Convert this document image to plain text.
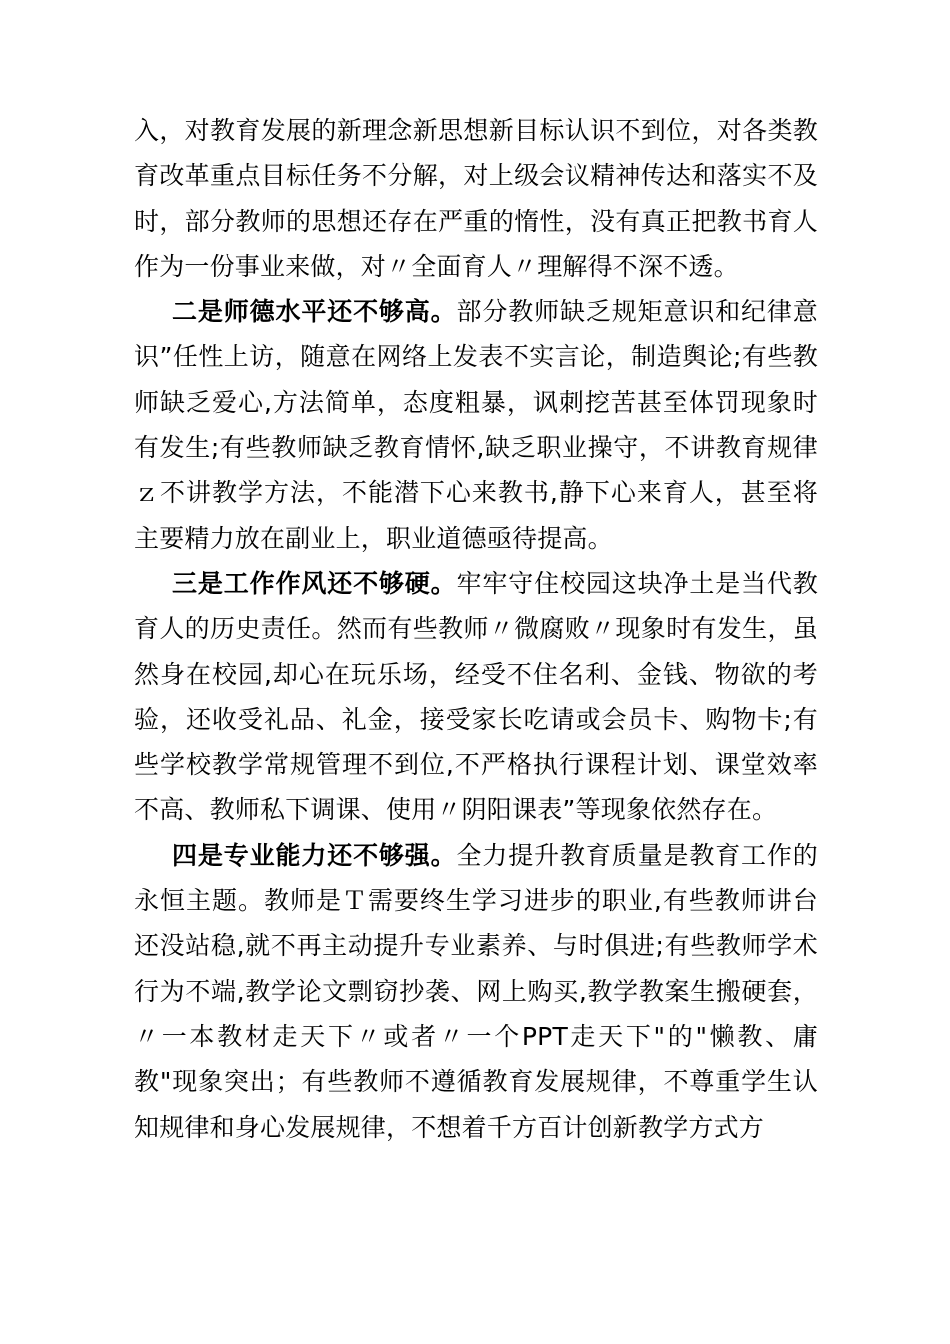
入，对教育发展的新理念新思想新目标认识不到位，对各类教育改革重点目标任务不分解，对上级会议精神传达和落实不及时，部分教师的思想还存在严重的惰性，没有真正把教书育人作为一份事业来做，对〃全面育人〃理解得不深不透。

二是师德水平还不够高。部分教师缺乏规矩意识和纪律意识”任性上访，随意在网络上发表不实言论，制造舆论;有些教师缺乏爱心,方法简单，态度粗暴，讽刺挖苦甚至体罚现象时有发生;有些教师缺乏教育情怀,缺乏职业操守，不讲教育规律ｚ不讲教学方法，不能潜下心来教书,静下心来育人，甚至将主要精力放在副业上，职业道德亟待提高。

三是工作作风还不够硬。牢牢守住校园这块净土是当代教育人的历史责任。然而有些教师〃微腐败〃现象时有发生，虽然身在校园,却心在玩乐场，经受不住名利、金钱、物欲的考验，还收受礼品、礼金，接受家长吃请或会员卡、购物卡;有些学校教学常规管理不到位,不严格执行课程计划、课堂效率不高、教师私下调课、使用〃阴阳课表”等现象依然存在。

四是专业能力还不够强。全力提升教育质量是教育工作的永恒主题。教师是Ｔ需要终生学习进步的职业,有些教师讲台还没站稳,就不再主动提升专业素养、与时俱进;有些教师学术行为不端,教学论文剽窃抄袭、网上购买,教学教案生搬硬套，〃一本教材走天下〃或者〃一个PPT走天下"的"懒教、庸教"现象突出；有些教师不遵循教育发展规律，不尊重学生认知规律和身心发展规律，不想着千方百计创新教学方式方
